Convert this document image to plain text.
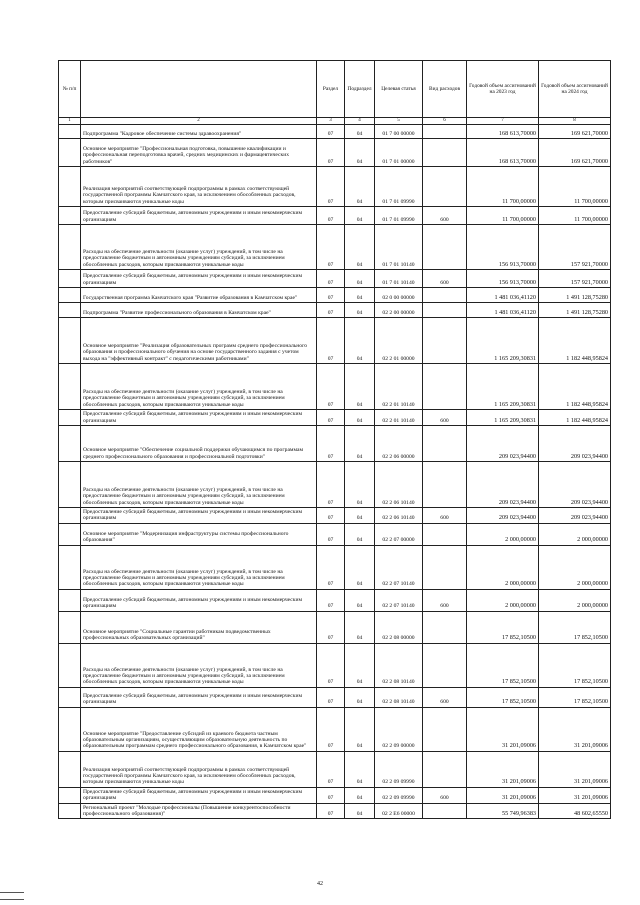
№ п/п		Раздел	Подраздел	Целевая статья	Вид расходов	Годовой объем ассигнований на 2023 год	Годовой объем ассигнований на 2024 год
1	2	3	4	5	6	7	8
	Подпрограмма "Кадровое обеспечение системы здравоохранения"	07	04	01 7 00 00000		168 613,70000	169 621,70000
	Основное мероприятие "Профессиональная подготовка, повышение квалификации и профессиональная переподготовка врачей, средних медицинских и фармацевтических работников"	07	04	01 7 01 00000		168 613,70000	169 621,70000
	Реализация мероприятий соответствующей подпрограммы в рамках соответствующей государственной программы Камчатского края, за исключением обособленных расходов, которым присваиваются уникальные коды	07	04	01 7 01 09990		11 700,00000	11 700,00000
	Предоставление субсидий бюджетным, автономным учреждениям и иным некоммерческим организациям	07	04	01 7 01 09990	600	11 700,00000	11 700,00000
	Расходы на обеспечение деятельности (оказание услуг) учреждений, в том числе на предоставление бюджетным и автономным учреждениям субсидий, за исключением обособленных расходов, которым присваиваются уникальные коды	07	04	01 7 01 10140		156 913,70000	157 921,70000
	Предоставление субсидий бюджетным, автономным учреждениям и иным некоммерческим организациям	07	04	01 7 01 10140	600	156 913,70000	157 921,70000
	Государственная программа Камчатского края "Развитие образования в Камчатском крае"	07	04	02 0 00 00000		1 481 036,41120	1 491 128,75280
	Подпрограмма "Развитие профессионального образования в Камчатском крае"	07	04	02 2 00 00000		1 481 036,41120	1 491 128,75280
	Основное мероприятие "Реализация образовательных программ среднего профессионального образования и профессионального обучения на основе государственного задания с учетом выхода на "эффективный контракт" с педагогическими работниками"	07	04	02 2 01 00000		1 165 209,30831	1 182 448,95824
	Расходы на обеспечение деятельности (оказание услуг) учреждений, в том числе на предоставление бюджетным и автономным учреждениям субсидий, за исключением обособленных расходов, которым присваиваются уникальные коды	07	04	02 2 01 10140		1 165 209,30831	1 182 448,95824
	Предоставление субсидий бюджетным, автономным учреждениям и иным некоммерческим организациям	07	04	02 2 01 10140	600	1 165 209,30831	1 182 448,95824
	Основное мероприятие "Обеспечение социальной поддержки обучающимся по программам среднего профессионального образования и профессиональной подготовки"	07	04	02 2 06 00000		209 023,94400	209 023,94400
	Расходы на обеспечение деятельности (оказание услуг) учреждений, в том числе на предоставление бюджетным и автономным учреждениям субсидий, за исключением обособленных расходов, которым присваиваются уникальные коды	07	04	02 2 06 10140		209 023,94400	209 023,94400
	Предоставление субсидий бюджетным, автономным учреждениям и иным некоммерческим организациям	07	04	02 2 06 10140	600	209 023,94400	209 023,94400
	Основное мероприятие "Модернизация инфраструктуры системы профессионального образования"	07	04	02 2 07 00000		2 000,00000	2 000,00000
	Расходы на обеспечение деятельности (оказание услуг) учреждений, в том числе на предоставление бюджетным и автономным учреждениям субсидий, за исключением обособленных расходов, которым присваиваются уникальные коды	07	04	02 2 07 10140		2 000,00000	2 000,00000
	Предоставление субсидий бюджетным, автономным учреждениям и иным некоммерческим организациям	07	04	02 2 07 10140	600	2 000,00000	2 000,00000
	Основное мероприятие "Социальные гарантии работникам подведомственных профессиональных образовательных организаций"	07	04	02 2 08 00000		17 852,10500	17 852,10500
	Расходы на обеспечение деятельности (оказание услуг) учреждений, в том числе на предоставление бюджетным и автономным учреждениям субсидий, за исключением обособленных расходов, которым присваиваются уникальные коды	07	04	02 2 08 10140		17 852,10500	17 852,10500
	Предоставление субсидий бюджетным, автономным учреждениям и иным некоммерческим организациям	07	04	02 2 08 10140	600	17 852,10500	17 852,10500
	Основное мероприятие "Предоставление субсидий из краевого бюджета частным образовательным организациям, осуществляющим образовательную деятельность по образовательным программам среднего профессионального образования, в Камчатском крае"	07	04	02 2 09 00000		31 201,09006	31 201,09006
	Реализация мероприятий соответствующей подпрограммы в рамках соответствующей государственной программы Камчатского края, за исключением обособленных расходов, которым присваиваются уникальные коды	07	04	02 2 09 09990		31 201,09006	31 201,09006
	Предоставление субсидий бюджетным, автономным учреждениям и иным некоммерческим организациям	07	04	02 2 09 09990	600	31 201,09006	31 201,09006
	Региональный проект "Молодые профессионалы (Повышение конкурентоспособности профессионального образования)"	07	04	02 2 E6 00000		55 749,96383	48 602,65550
42
